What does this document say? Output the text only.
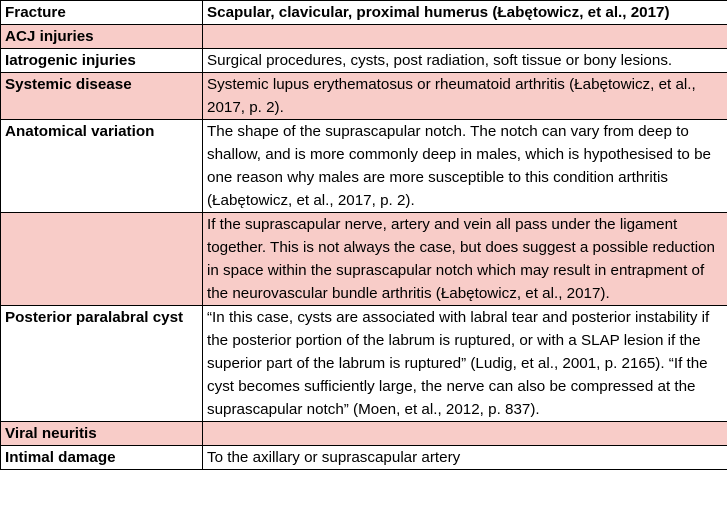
Fracture	Scapular, clavicular, proximal humerus (Łabętowicz, et al., 2017)
ACJ injuries	
Iatrogenic injuries	Surgical procedures, cysts, post radiation, soft tissue or bony lesions.
Systemic disease	Systemic lupus erythematosus or rheumatoid arthritis (Łabętowicz, et al., 2017, p. 2).
Anatomical variation	The shape of the suprascapular notch. The notch can vary from deep to shallow, and is more commonly deep in males, which is hypothesised to be one reason why males are more susceptible to this condition arthritis (Łabętowicz, et al., 2017, p. 2).
	If the suprascapular nerve, artery and vein all pass under the ligament together. This is not always the case, but does suggest a possible reduction in space within the suprascapular notch which may result in entrapment of the neurovascular bundle arthritis (Łabętowicz, et al., 2017).
Posterior paralabral cyst	“In this case, cysts are associated with labral tear and posterior instability if the posterior portion of the labrum is ruptured, or with a SLAP lesion if the superior part of the labrum is ruptured” (Ludig, et al., 2001, p. 2165). “If the cyst becomes sufficiently large, the nerve can also be compressed at the suprascapular notch” (Moen, et al., 2012, p. 837).
Viral neuritis	
Intimal damage	To the axillary or suprascapular artery
